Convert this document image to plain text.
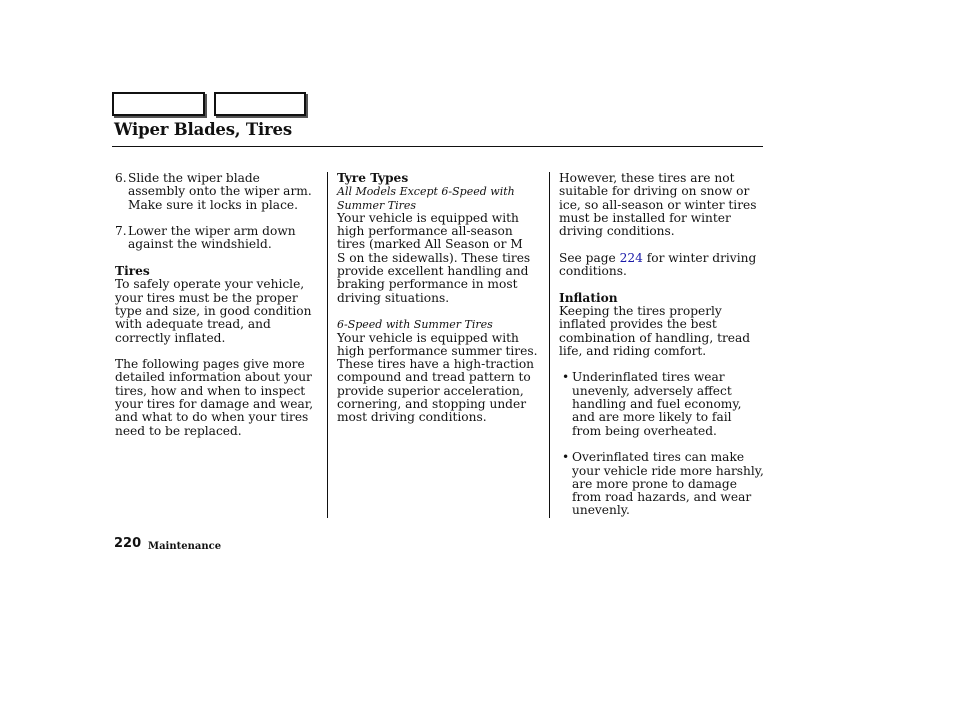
Wiper Blades, Tires
6. Slide the wiper blade assembly onto the wiper arm. Make sure it locks in place.
7. Lower the wiper arm down against the windshield.

Tires

To safely operate your vehicle, your tires must be the proper type and size, in good condition with adequate tread, and correctly inflated.

The following pages give more detailed information about your tires, how and when to inspect your tires for damage and wear, and what to do when your tires need to be replaced.

Tyre Types

All Models Except 6-Speed with Summer Tires

Your vehicle is equipped with high performance all-season tires (marked All Season or M      S on the sidewalls). These tires provide excellent handling and braking performance in most driving situations.

6-Speed with Summer Tires

Your vehicle is equipped with high performance summer tires. These tires have a high-traction compound and tread pattern to provide superior acceleration, cornering, and stopping under most driving conditions.

However, these tires are not suitable for driving on snow or ice, so all-season or winter tires must be installed for winter driving conditions.

See page 224 for winter driving conditions.

Inflation

Keeping the tires properly inflated provides the best combination of handling, tread life, and riding comfort.

• Underinflated tires wear unevenly, adversely affect handling and fuel economy, and are more likely to fail from being overheated.
• Overinflated tires can make your vehicle ride more harshly, are more prone to damage from road hazards, and wear unevenly.
220 Maintenance
